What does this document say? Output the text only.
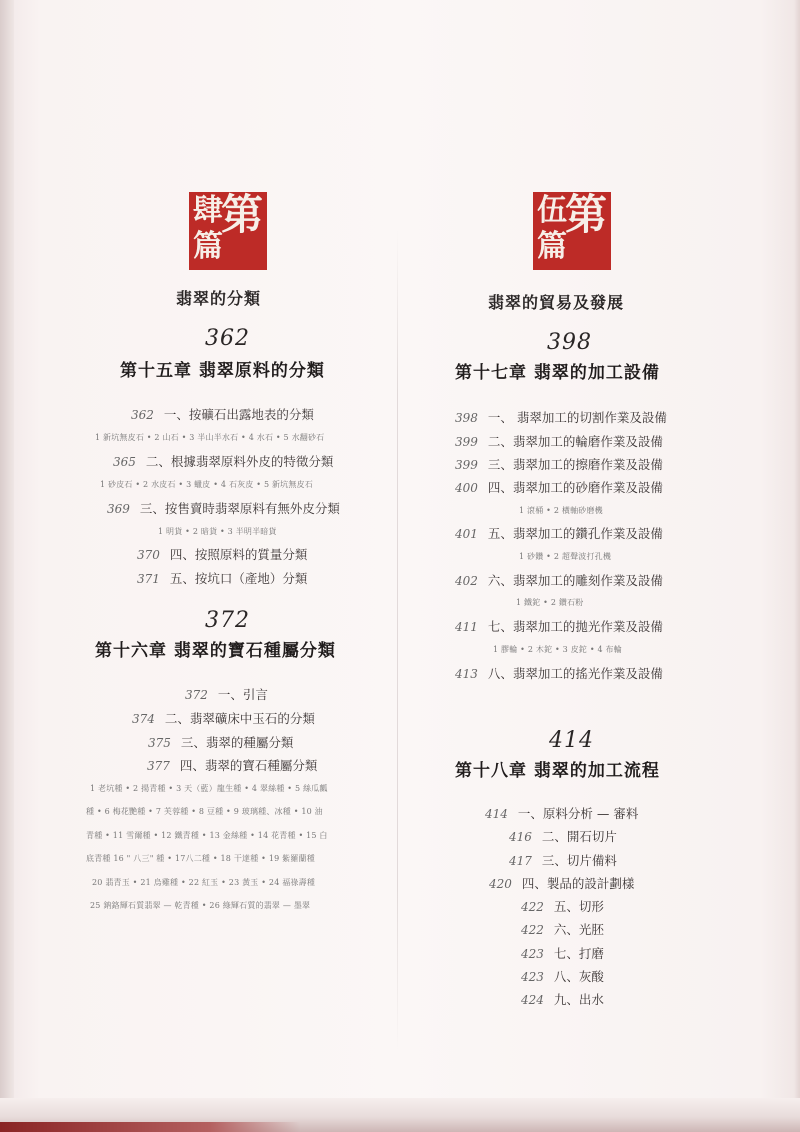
第
肆
篇
第
伍
篇
翡翠的分類
362
第十五章 翡翠原料的分類
362 一、按礦石出露地表的分類
1 新坑無皮石 • 2 山石 • 3 半山半水石 • 4 水石 • 5 水翻砂石
365 二、根據翡翠原料外皮的特徵分類
1 砂皮石 • 2 水皮石 • 3 蠟皮 • 4 石灰皮 • 5 新坑無皮石
369 三、按售賣時翡翠原料有無外皮分類
1 明貨 • 2 暗貨 • 3 半明半暗貨
370 四、按照原料的質量分類
371 五、按坑口（產地）分類
372
第十六章 翡翠的寶石種屬分類
372 一、引言
374 二、翡翠礦床中玉石的分類
375 三、翡翠的種屬分類
377 四、翡翠的寶石種屬分類
1 老坑種 • 2 揚青種 • 3 天（藍）龍生種 • 4 翠絲種 • 5 絲瓜瓤
種 • 6 梅花艷種 • 7 芙蓉種 • 8 豆種 • 9 玻璃種、冰種 • 10 油
青種 • 11 雪爾種 • 12 鐵青種 • 13 金絲種 • 14 花青種 • 15 白
底青種 16 " 八三" 種 • 17八二種 • 18 干達種 • 19 紫羅蘭種
20 翡青玉 • 21 烏雞種 • 22 紅玉 • 23 黃玉 • 24 福祿壽種
25 鈉鉻輝石質翡翠 — 乾青種 • 26 綠輝石質的翡翠 — 墨翠
翡翠的貿易及發展
398
第十七章 翡翠的加工設備
398 一、 翡翠加工的切割作業及設備
399 二、翡翠加工的輪磨作業及設備
399 三、翡翠加工的擦磨作業及設備
400 四、翡翠加工的砂磨作業及設備
1 滾桶 • 2 橫軸砂磨機
401 五、翡翠加工的鑽孔作業及設備
1 砂鑽 • 2 超聲波打孔機
402 六、翡翠加工的雕刻作業及設備
1 鐵鉈 • 2 鑽石粉
411 七、翡翠加工的拋光作業及設備
1 膠輪 • 2 木鉈 • 3 皮鉈 • 4 布輪
413 八、翡翠加工的搖光作業及設備
414
第十八章 翡翠的加工流程
414 一、原料分析 — 審料
416 二、開石切片
417 三、切片備料
420 四、製品的設計劃樣
422 五、切形
422 六、光胚
423 七、打磨
423 八、灰酸
424 九、出水
